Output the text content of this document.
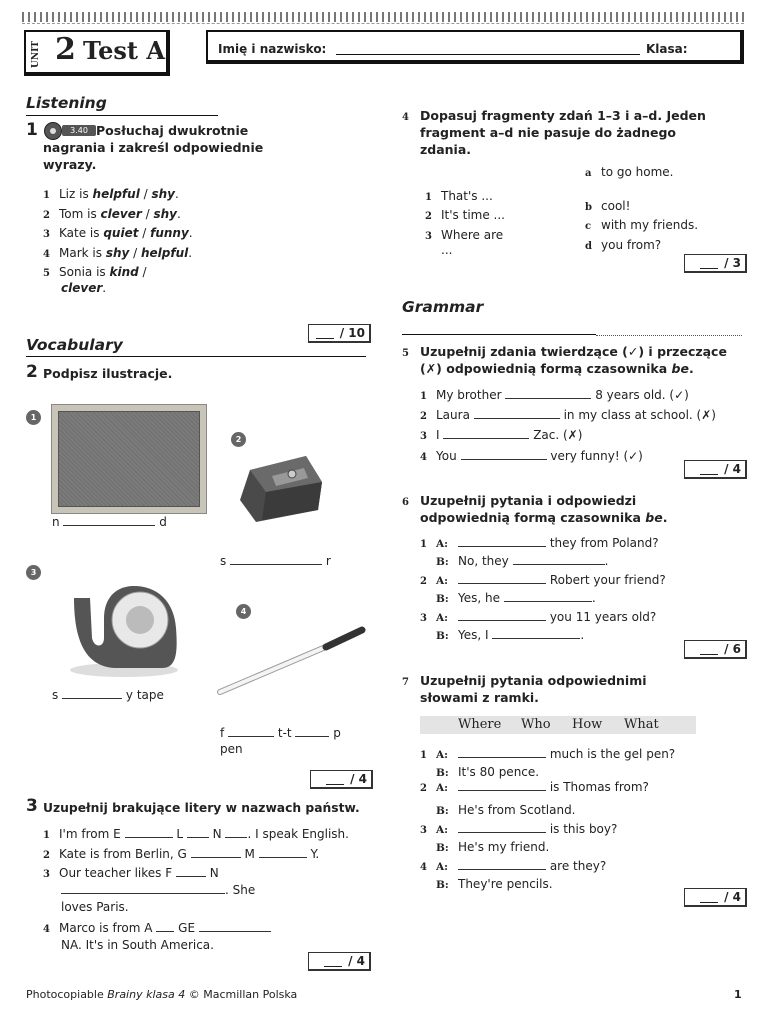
UNIT 2 Test A	Imię i nazwisko:	Klasa:
Listening
1	3.40 Posłuchaj dwukrotnie
nagrania i zakreśl odpowiednie
wyrazy.
1 Liz is helpful / shy.
2 Tom is clever / shy.
3 Kate is quiet / funny.
4 Mark is shy / helpful.
5 Sonia is kind /
clever.
/ 10
Vocabulary
2 Podpisz ilustracje.
1
n	d
2
s	r
3
s	y tape
4
f	t-t	p
pen
/ 4
3 Uzupełnij brakujące litery w nazwach państw.
1 I'm from E	L N . I speak English.
2 Kate is from Berlin, G	M	Y.
3 Our teacher likes F	N
. She
loves Paris.
4 Marco is from A GE
NA. It's in South America.
/ 4
4 Dopasuj fragmenty zdań 1–3 i a–d. Jeden
fragment a–d nie pasuje do żadnego
zdania.
1 That's ...
2 It's time ...
3 Where are
...
a to go home.
b cool!
c with my friends.
d you from?
/ 3
Grammar
5 Uzupełnij zdania twierdzące (✓) i przeczące
(✗) odpowiednią formą czasownika be.
1 My brother	8 years old. (✓)
2 Laura	in my class at school. (✗)
3 I	Zac. (✗)
4 You	very funny! (✓)
/ 4
6 Uzupełnij pytania i odpowiedzi
odpowiednią formą czasownika be.
1 A:	they from Poland?
B: No, they	.
2 A:	Robert your friend?
B: Yes, he	.
3 A:	you 11 years old?
B: Yes, I	.
/ 6
7 Uzupełnij pytania odpowiednimi
słowami z ramki.
Where Who How What
1 A:	much is the gel pen?
B: It's 80 pence.
2 A:	is Thomas from?
B: He's from Scotland.
3 A:	is this boy?
B: He's my friend.
4 A:	are they?
B: They're pencils.
/ 4
Photocopiable Brainy klasa 4 © Macmillan Polska	1
